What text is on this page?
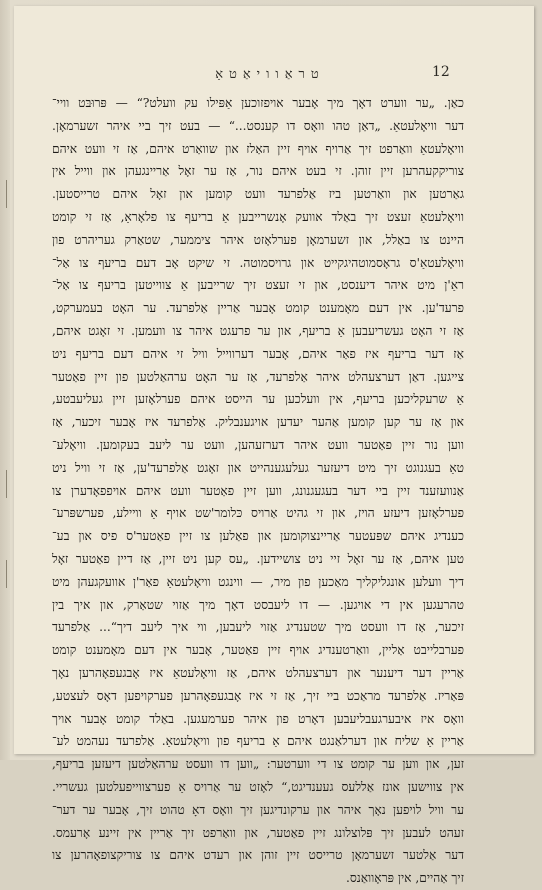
טראַוויאַטאַ	12
כאַן. „ער ווערט דאָך מיך אָבער אויפזוכען אַפּילו עק וועלט?“ — פּרוּבּט וויי־
דער וויאָלעטאַ. „דאַן טהו וואָס דו קענסט...“ — בעט זיך ביי איהר זשערמאָן.
וויאָלעטאַ וואַרפט זיך אַרויף אויף זיין האַלז און שוואַרט איהם, אַז זי וועט איהם
צוריקקעהרען זיין זוהן. זי בעט איהם נור, אַז ער זאָל אַריינגעהן און ווייל אין
גאַרטען און וואַרטען ביז אַלפרעד וועט קומען און זאָל איהם טרייסטען.
וויאָלעטאַ זעצט זיך באַלד אוועק אָנשרייבען אַ בריעף צו פלאָראַ, אַז זי קומט
היינט צו באַלל, און זשערמאָן פערלאָזט איהר ציממער, שטאַרק געריהרט פון
וויאָלעטאַ'ס גראָסמוטהיגקייט און גרויסמוטה. זי שיקט אָב דעם בריעף צו אַל־
ראַ'ן מיט איהר דיענסט, און זי זעצט זיך שרייבען אַ צווייטען בריעף צו אַל־
פרעד'ען. אין דעם מאָמענט קומט אָבער אַריין אַלפרעד. ער האָט בעמערקט,
אַז זי האָט געשריעבען אַ בריעף, און ער פרעגט איהר צו וועמען. זי זאָגט איהם,
אַז דער בריעף איז פאַר איהם, אָבער דערווייל וויל זי איהם דעם בריעף ניט
צייגען. דאַן דערצעהלט איהר אַלפרעד, אַז ער האָט ערהאַלטען פון זיין פאַטער
אַ שרעקליכען בריעף, אין וועלכען ער הייסט איהם פערלאָזען זיין געליעבטע,
און אַז ער קען קומען אַהער יעדען אויגענבליק. אַלפרעד איז אָבער זיכער, אַז
ווען נור זיין פאַטער וועט איהר דערזעהען, וועט ער ליעב בעקומען. וויאָלע־
טאַ בעגנוגט זיך מיט דיעזער געלעגענהייט און זאָגט אַלפרעד'ען, אַז זי וויל ניט
אַנוועזענד זיין ביי דער בעגעגנונג, ווען זיין פאַטער וועט איהם אויפפאָדערן צו
פערלאָזען דיעזע הויז, און זי גהיט אַרויס כּלומר'שט אויף אַ וויילע, פערשפּרע־
כענדיג איהם שפּעטער אַריינצוקומען און פאַלען צו זיין פאַטער'ס פיס און בע־
טען איהם, אַז ער זאָל זיי ניט צושיידען. „עס קען ניט זיין, אַז דיין פאַטער זאָל
דיך וועלען אונגליקליך מאַכען פון מיר, — ווינגט וויאָלעטאַ פאַר'ן אוועקגעהן מיט
טהרעגען אין די אויגען. — דו ליעבסט דאָך מיך אַזוי שטאַרק, און איך בין
זיכער, אַז דו וועסט מיך שטענדיג אַזוי ליעבען, ווי איך ליעב דיך“... אַלפרעד
פערבלייבט אַליין, וואַרטענדיג אויף זיין פאַטער, אָבער אין דעם מאָמענט קומט
אַריין דער דיענער און דערצעהלט איהם, אַז וויאָלעטאַ איז אָבגעפאָהרען נאָך
פּאַריז. אַלפרעד מראַכט ביי זיך, אַז זי איז אָבגעפאָהרען פערקויפען דאָס לעצטע,
וואָס איז איבערגעבליעבען דאָרט פון איהר פערמעגען. באַלד קומט אָבער אויך
אַריין אַ שליח און דערלאַנגט איהם אַ בריעף פון וויאָלעטאַ. אַלפרעד נעהמט לע־
זען, און ווען ער קומט צו די ווערטער: „ווען דו וועסט ערהאַלטען דיעזען בריעף,
אין צווישען אונז אַללעס געענדיגט,“ לאָזט ער אַרויס אַ פערצווייפעלטען געשריי.
ער וויל לויפען נאָך איהר און ערקונדיגען זיך וואָס דאָ טהוט זיך, אָבער ער דער־
זעהט לעבען זיך פּלוצלונג זיין פאַטער, און וואַרפט זיך אַריין אין זיינע אָרעמס.
דער אַלטער זשערמאָן טרייסט זיין זוהן און רעדט איהם צו צוריקצופאָהרען צו
זיך אַהיים, אין פּראָוואַנס.
